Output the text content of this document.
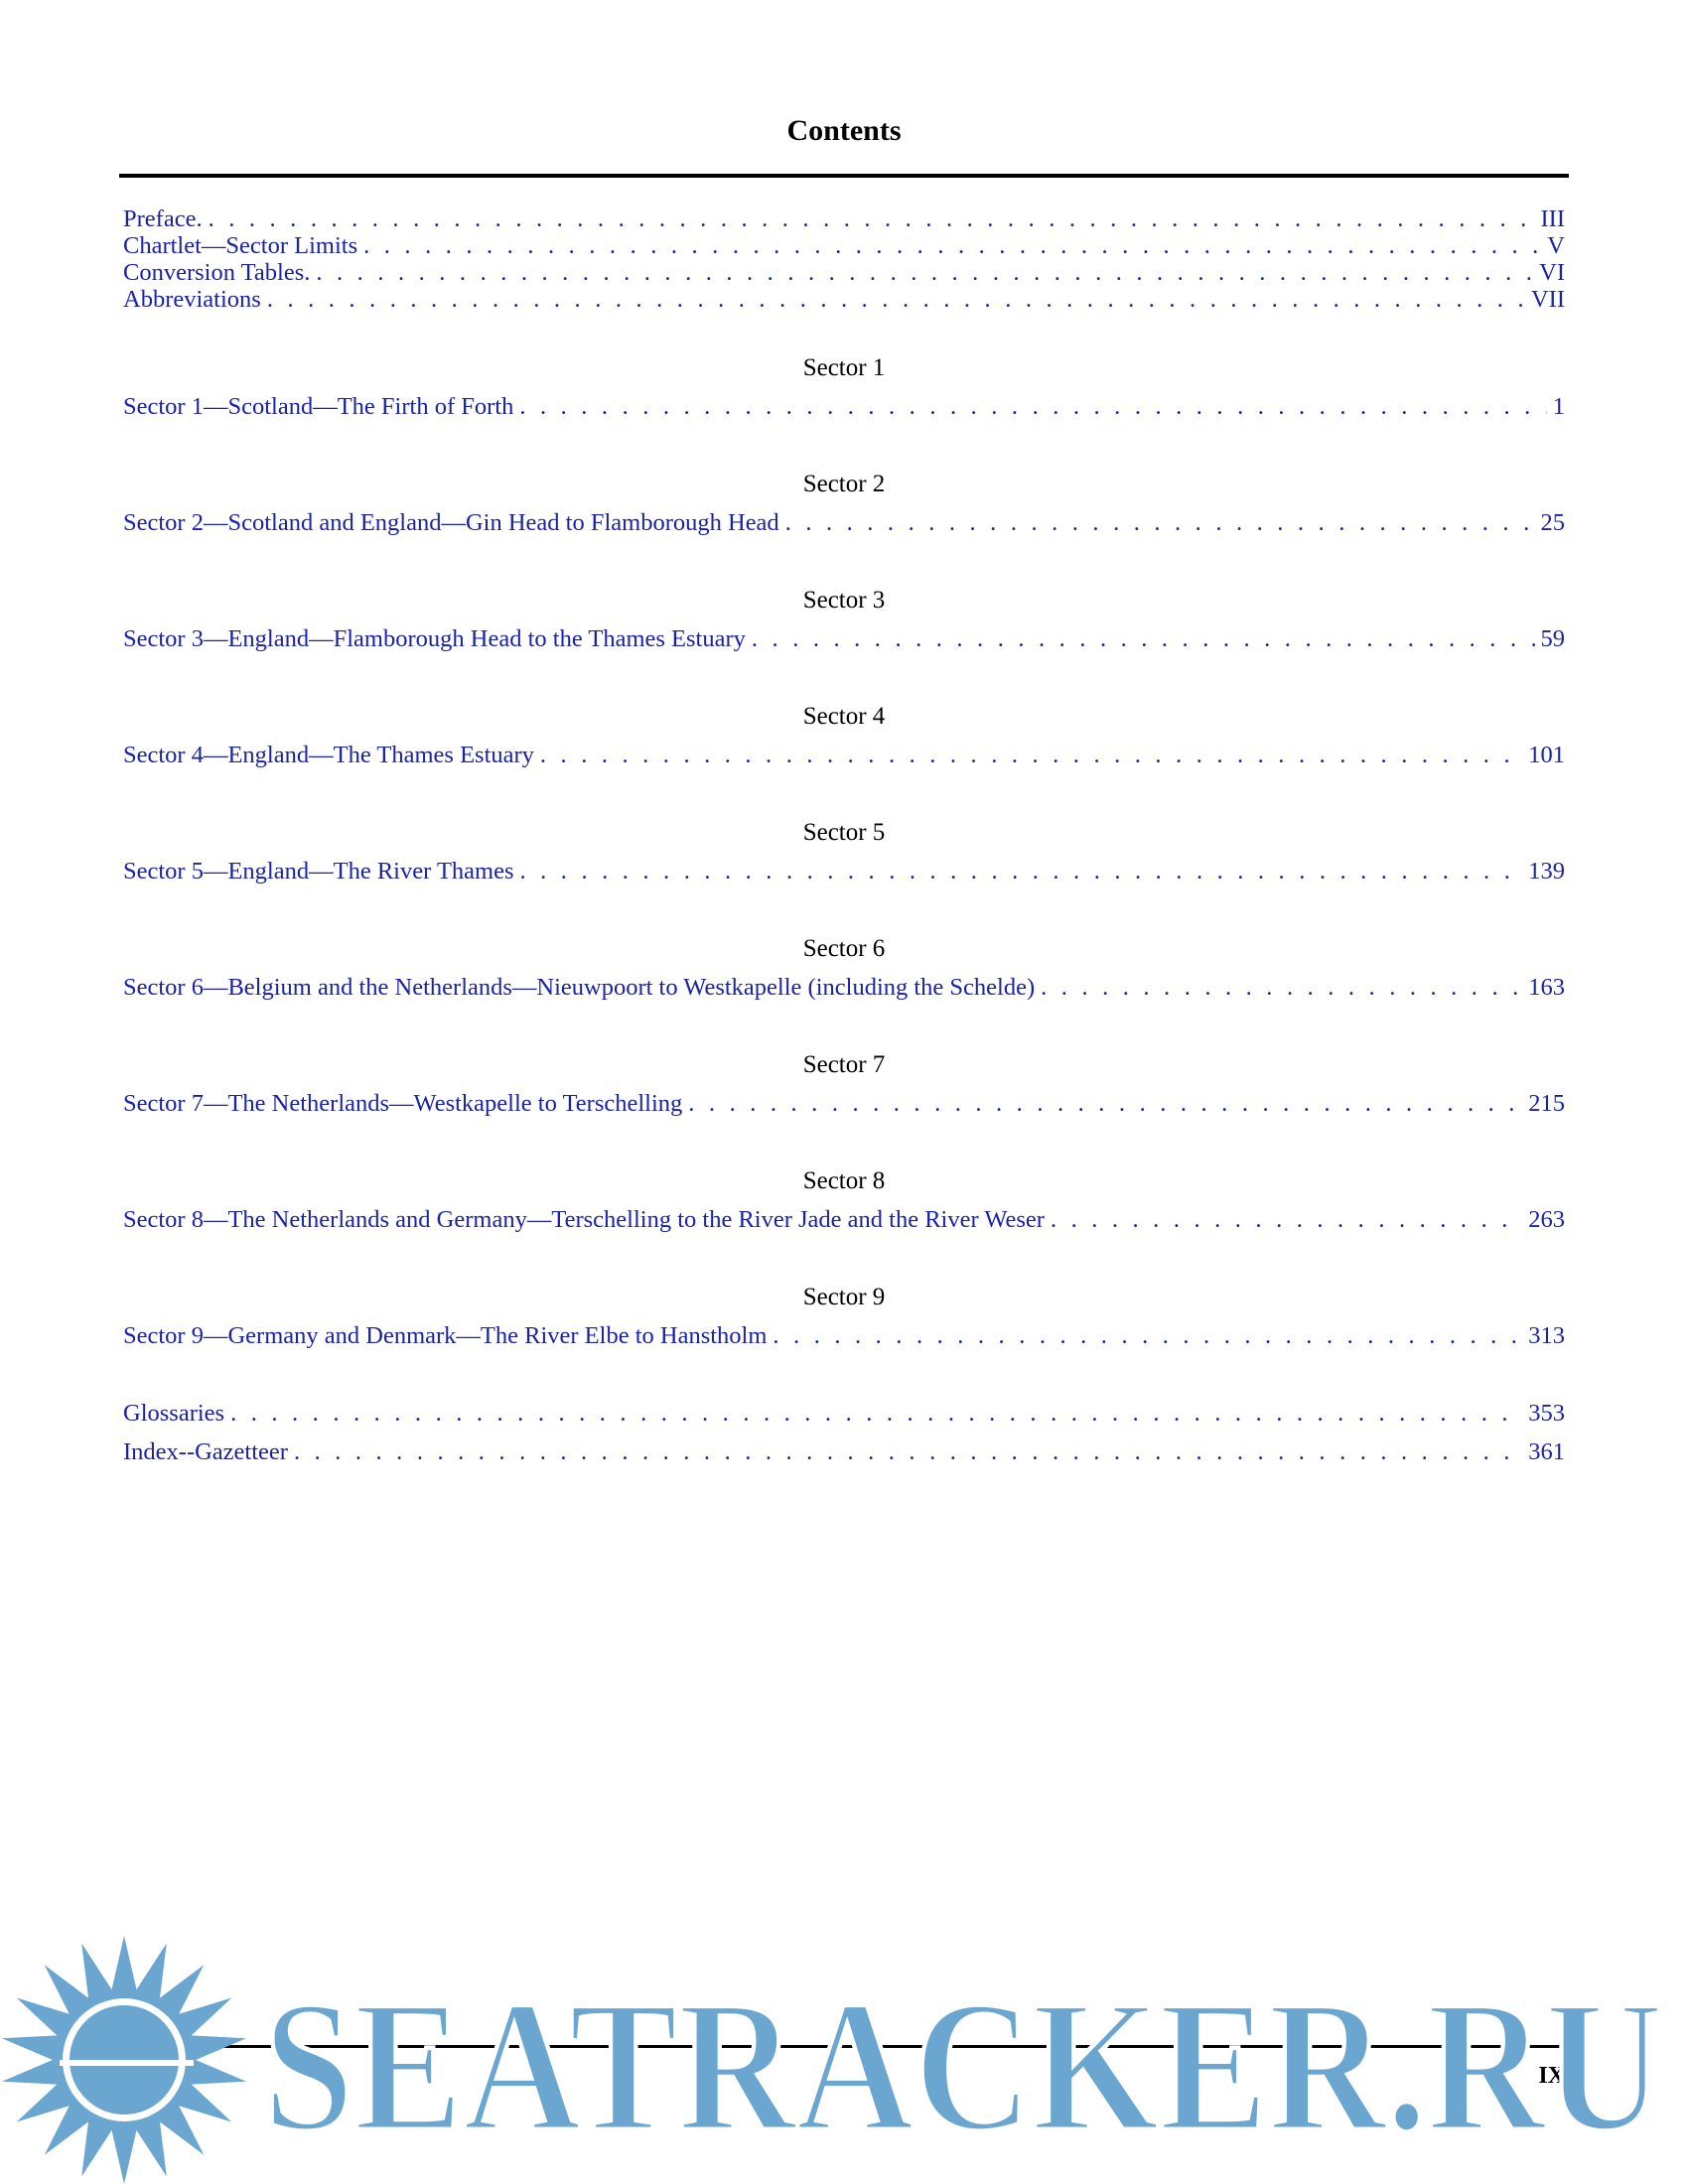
Contents
Preface. . . .	III
Chartlet—Sector Limits . . .	V
Conversion Tables. . . .	VI
Abbreviations . . .	VII
Sector 1
Sector 1—Scotland—The Firth of Forth . . .	1
Sector 2
Sector 2—Scotland and England—Gin Head to Flamborough Head . . .	25
Sector 3
Sector 3—England—Flamborough Head to the Thames Estuary . . .	59
Sector 4
Sector 4—England—The Thames Estuary . . .	101
Sector 5
Sector 5—England—The River Thames . . .	139
Sector 6
Sector 6—Belgium and the Netherlands—Nieuwpoort to Westkapelle (including the Schelde) . . .	163
Sector 7
Sector 7—The Netherlands—Westkapelle to Terschelling . . .	215
Sector 8
Sector 8—The Netherlands and Germany—Terschelling to the River Jade and the River Weser . . .	263
Sector 9
Sector 9—Germany and Denmark—The River Elbe to Hanstholm . . .	313
Glossaries . . .	353
Index--Gazetteer . . .	361
IX
SEATRACKER.RU
